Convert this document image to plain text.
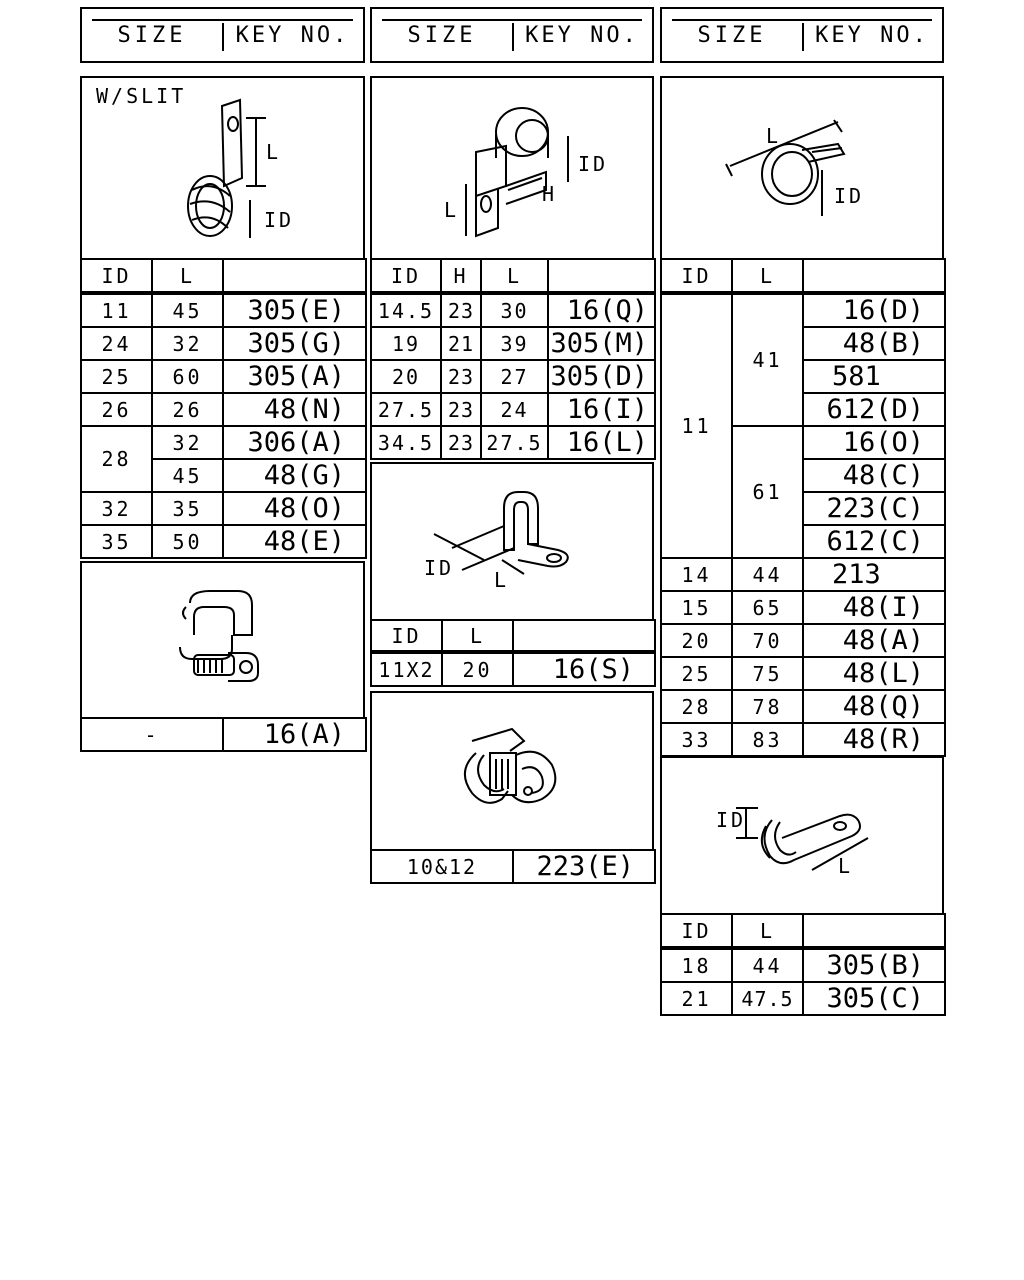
SIZE	KEY NO.	SIZE	KEY NO.	SIZE	KEY NO.
W/SLIT
L
ID
ID	L	
11	45	305(E)
24	32	305(G)
25	60	305(A)
26	26	48(N)
28	32	306(A)
	45	48(G)
32	35	48(O)
35	50	48(E)
-	16(A)
ID
H
L
ID	H	L	
14.5	23	30	16(Q)
19	21	39	305(M)
20	23	27	305(D)
27.5	23	24	16(I)
34.5	23	27.5	16(L)
ID L
ID	L	
11X2	20	16(S)
10&12	223(E)
L
ID
ID	L	
11	41	16(D)
		48(B)
		581
		612(D)
	61	16(O)
		48(C)
		223(C)
		612(C)
14	44	213
15	65	48(I)
20	70	48(A)
25	75	48(L)
28	78	48(Q)
33	83	48(R)
ID
L
ID	L	
18	44	305(B)
21	47.5	305(C)
